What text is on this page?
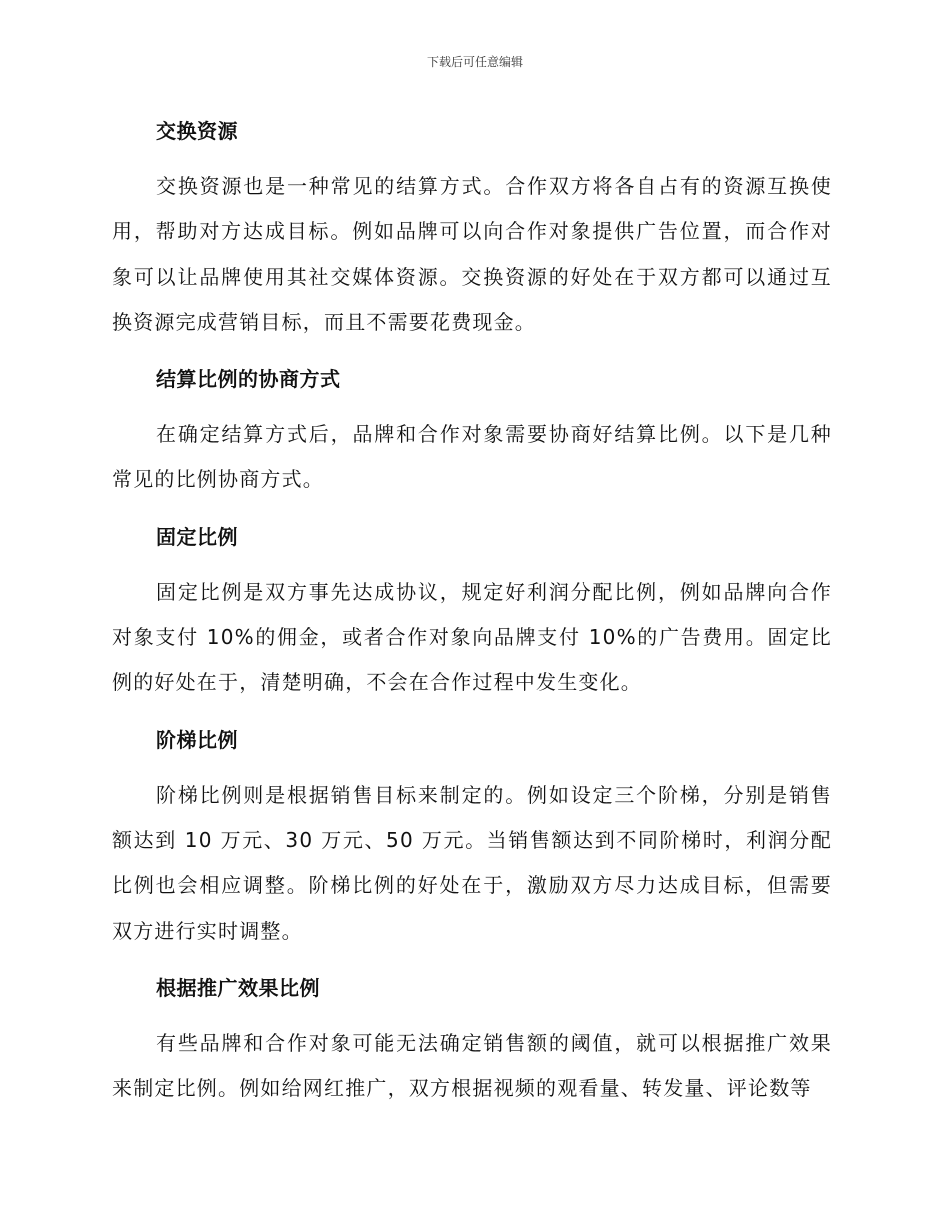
下载后可任意编辑
交换资源

交换资源也是一种常见的结算方式。合作双方将各自占有的资源互换使用，帮助对方达成目标。例如品牌可以向合作对象提供广告位置，而合作对象可以让品牌使用其社交媒体资源。交换资源的好处在于双方都可以通过互换资源完成营销目标，而且不需要花费现金。

结算比例的协商方式

在确定结算方式后，品牌和合作对象需要协商好结算比例。以下是几种常见的比例协商方式。

固定比例

固定比例是双方事先达成协议，规定好利润分配比例，例如品牌向合作对象支付 10%的佣金，或者合作对象向品牌支付 10%的广告费用。固定比例的好处在于，清楚明确，不会在合作过程中发生变化。

阶梯比例

阶梯比例则是根据销售目标来制定的。例如设定三个阶梯，分别是销售额达到 10 万元、30 万元、50 万元。当销售额达到不同阶梯时，利润分配比例也会相应调整。阶梯比例的好处在于，激励双方尽力达成目标，但需要双方进行实时调整。

根据推广效果比例

有些品牌和合作对象可能无法确定销售额的阈值，就可以根据推广效果来制定比例。例如给网红推广，双方根据视频的观看量、转发量、评论数等
